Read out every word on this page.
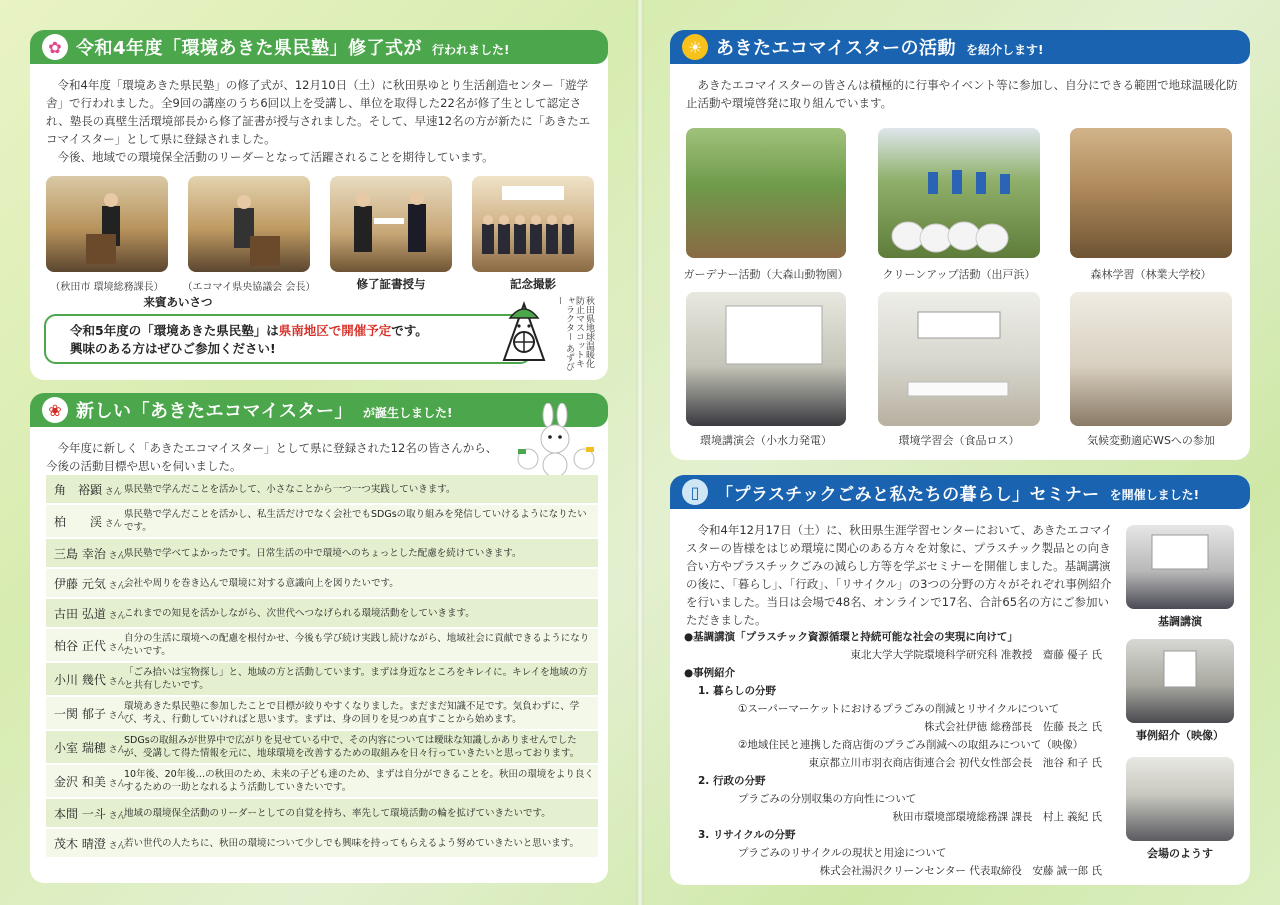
✿ 令和4年度「環境あきた県民塾」修了式が 行われました!
　令和4年度「環境あきた県民塾」の修了式が、12月10日（土）に秋田県ゆとり生活創造センター「遊学舎」で行われました。全9回の講座のうち6回以上を受講し、単位を取得した22名が修了生として認定され、塾長の真壁生活環境部長から修了証書が授与されました。そして、早速12名の方が新たに「あきたエコマイスター」として県に登録されました。
　今後、地域での環境保全活動のリーダーとなって活躍されることを期待しています。
（秋田市 環境総務課長）	（エコマイ県央協議会 会長）	修了証書授与	記念撮影
来賓あいさつ
令和5年度の「環境あきた県民塾」は県南地区で開催予定です。
興味のある方はぜひご参加ください!	秋田県地球温暖化防止マスコットキャラクター あずびー
❀ 新しい「あきたエコマイスター」 が誕生しました!
　今年度に新しく「あきたエコマイスター」として県に登録された12名の皆さんから、今後の活動目標や思いを伺いました。
角　裕顕 さん 県民塾で学んだことを活かして、小さなことから一つ一つ実践していきます。
柏　　渓 さん
県民塾で学んだことを活かし、私生活だけでなく会社でもSDGsの取り組みを発信していけるようになりたいです。
三島 幸治 さん
県民塾で学べてよかったです。日常生活の中で環境へのちょっとした配慮を続けていきます。
伊藤 元気 さん
会社や周りを巻き込んで環境に対する意識向上を図りたいです。
古田 弘道 さん
これまでの知見を活かしながら、次世代へつなげられる環境活動をしていきます。
柏谷 正代 さん
自分の生活に環境への配慮を根付かせ、今後も学び続け実践し続けながら、地域社会に貢献できるようになりたいです。
小川 幾代 さん
「ごみ拾いは宝物探し」と、地域の方と活動しています。まずは身近なところをキレイに。キレイを地域の方と共有したいです。
一関 郁子 さん
環境あきた県民塾に参加したことで目標が絞りやすくなりました。まだまだ知識不足です。気負わずに、学び、考え、行動していければと思います。まずは、身の回りを見つめ直すことから始めます。
小室 瑞穂 さん
SDGsの取組みが世界中で広がりを見せている中で、その内容については曖昧な知識しかありませんでしたが、受講して得た情報を元に、地球環境を改善するための取組みを日々行っていきたいと思っております。
金沢 和美 さん
10年後、20年後…の秋田のため、未来の子ども達のため、まずは自分ができることを。秋田の環境をより良くするための一助となれるよう活動していきたいです。
本間 一斗 さん
地域の環境保全活動のリーダーとしての自覚を持ち、率先して環境活動の輪を拡げていきたいです。
茂木 晴澄 さん
若い世代の人たちに、秋田の環境について少しでも興味を持ってもらえるよう努めていきたいと思います。
☀ あきたエコマイスターの活動 を紹介します!
　あきたエコマイスターの皆さんは積極的に行事やイベント等に参加し、自分にできる範囲で地球温暖化防止活動や環境啓発に取り組んでいます。
ガーデナー活動（大森山動物園）	クリーンアップ活動（出戸浜）	森林学習（林業大学校）
環境講演会（小水力発電）	環境学習会（食品ロス）	気候変動適応WSへの参加
▯ 「プラスチックごみと私たちの暮らし」セミナー を開催しました!
　令和4年12月17日（土）に、秋田県生涯学習センターにおいて、あきたエコマイスターの皆様をはじめ環境に関心のある方々を対象に、プラスチック製品との向き合い方やプラスチックごみの減らし方等を学ぶセミナーを開催しました。基調講演の後に、「暮らし」、「行政」、「リサイクル」の3つの分野の方々がそれぞれ事例紹介を行いました。当日は会場で48名、オンラインで17名、合計65名の方にご参加いただきました。
●基調講演「プラスチック資源循環と持続可能な社会の実現に向けて」
東北大学大学院環境科学研究科 准教授　齋藤 優子 氏
●事例紹介
1. 暮らしの分野
①スーパーマーケットにおけるプラごみの削減とリサイクルについて
株式会社伊徳 総務部長　佐藤 長之 氏
②地域住民と連携した商店街のプラごみ削減への取組みについて（映像）
東京都立川市羽衣商店街連合会 初代女性部会長　池谷 和子 氏
2. 行政の分野
プラごみの分別収集の方向性について
秋田市環境部環境総務課 課長　村上 義紀 氏
3. リサイクルの分野
プラごみのリサイクルの現状と用途について
株式会社湯沢クリーンセンター 代表取締役　安藤 誠一郎 氏
基調講演
事例紹介（映像）
会場のようす
